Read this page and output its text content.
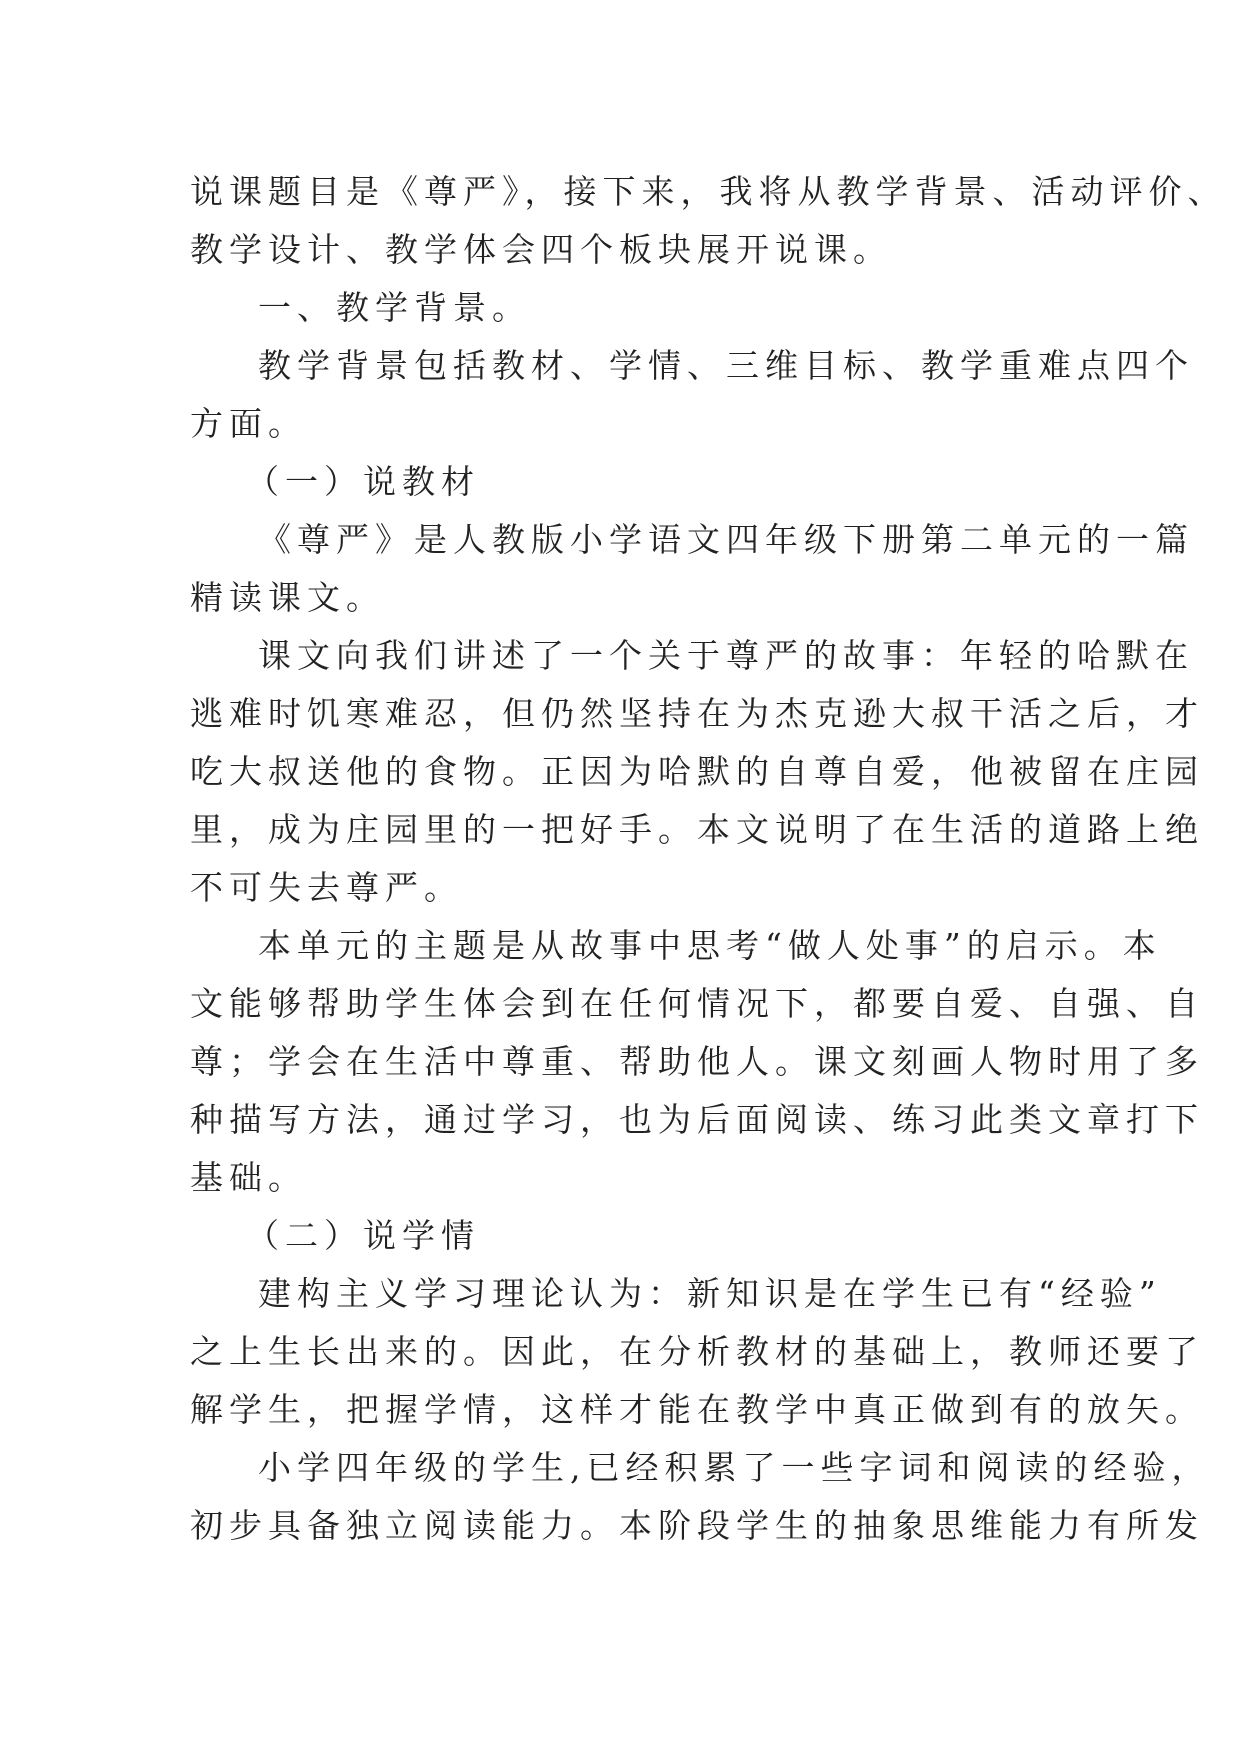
说课题目是《尊严》，接下来，我将从教学背景、活动评价、
教学设计、教学体会四个板块展开说课。
一、教学背景。
教学背景包括教材、学情、三维目标、教学重难点四个
方面。
（一）说教材
《尊严》是人教版小学语文四年级下册第二单元的一篇
精读课文。
课文向我们讲述了一个关于尊严的故事：年轻的哈默在
逃难时饥寒难忍，但仍然坚持在为杰克逊大叔干活之后，才
吃大叔送他的食物。正因为哈默的自尊自爱，他被留在庄园
里，成为庄园里的一把好手。本文说明了在生活的道路上绝
不可失去尊严。
本单元的主题是从故事中思考“做人处事”的启示。本
文能够帮助学生体会到在任何情况下，都要自爱、自强、自
尊；学会在生活中尊重、帮助他人。课文刻画人物时用了多
种描写方法，通过学习，也为后面阅读、练习此类文章打下
基础。
（二）说学情
建构主义学习理论认为：新知识是在学生已有“经验”
之上生长出来的。因此，在分析教材的基础上，教师还要了
解学生，把握学情，这样才能在教学中真正做到有的放矢。
小学四年级的学生,已经积累了一些字词和阅读的经验，
初步具备独立阅读能力。本阶段学生的抽象思维能力有所发
